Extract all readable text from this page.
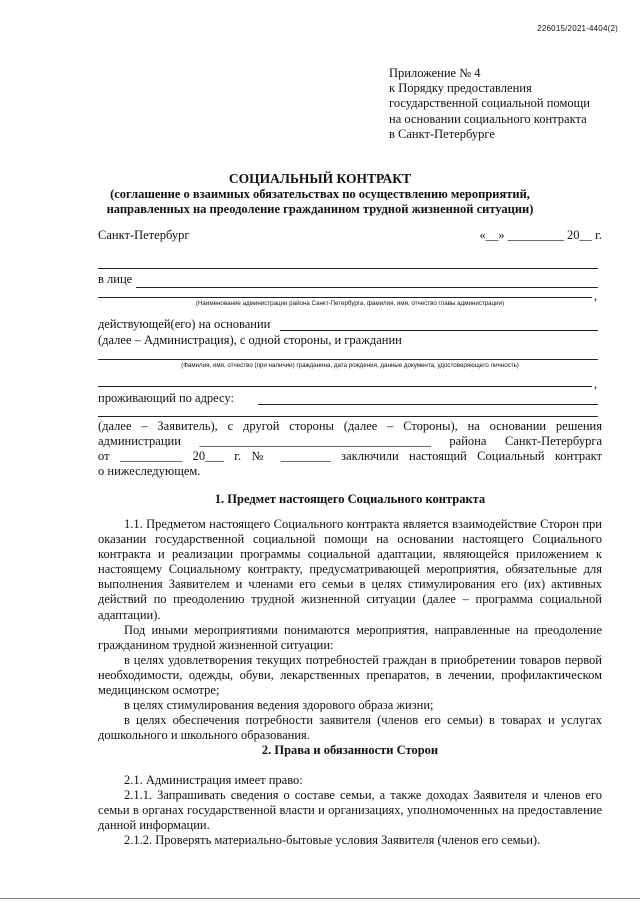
226015/2021-4404(2)
Приложение № 4
к Порядку предоставления
государственной социальной помощи
на основании социального контракта
в Санкт-Петербурге
СОЦИАЛЬНЫЙ КОНТРАКТ
(соглашение о взаимных обязательствах по осуществлению мероприятий,
направленных на преодоление гражданином трудной жизненной ситуации)
Санкт-Петербург	«__» _________ 20__ г.
в лице
,
(Наименование администрации района Санкт-Петербурга, фамилия, имя, отчество главы администрации)
действующей(его) на основании
(далее – Администрация), с одной стороны, и гражданин
(Фамилия, имя, отчество (при наличии) гражданина, дата рождения, данные документа, удостоверяющего личность)
,
проживающий по адресу:

(далее – Заявитель), с другой стороны (далее – Стороны), на основании решения

администрации _____________________________________ района Санкт-Петербурга

от __________ 20___ г. № ________ заключили настоящий Социальный контракт

о нижеследующем.

1. Предмет настоящего Социального контракта

1.1. Предметом настоящего Социального контракта является взаимодействие Сторон при оказании государственной социальной помощи на основании настоящего Социального контракта и реализации программы социальной адаптации, являющейся приложением к настоящему Социальному контракту, предусматривающей мероприятия, обязательные для выполнения Заявителем и членами его семьи в целях стимулирования его (их) активных действий по преодолению трудной жизненной ситуации (далее – программа социальной адаптации).

Под иными мероприятиями понимаются мероприятия, направленные на преодоление гражданином трудной жизненной ситуации:

в целях удовлетворения текущих потребностей граждан в приобретении товаров первой необходимости, одежды, обуви, лекарственных препаратов, в лечении, профилактическом медицинском осмотре;

в целях стимулирования ведения здорового образа жизни;

в целях обеспечения потребности заявителя (членов его семьи) в товарах и услугах дошкольного и школьного образования.

2. Права и обязанности Сторон

2.1. Администрация имеет право:

2.1.1. Запрашивать сведения о составе семьи, а также доходах Заявителя и членов его семьи в органах государственной власти и организациях, уполномоченных на предоставление данной информации.

2.1.2. Проверять материально-бытовые условия Заявителя (членов его семьи).
